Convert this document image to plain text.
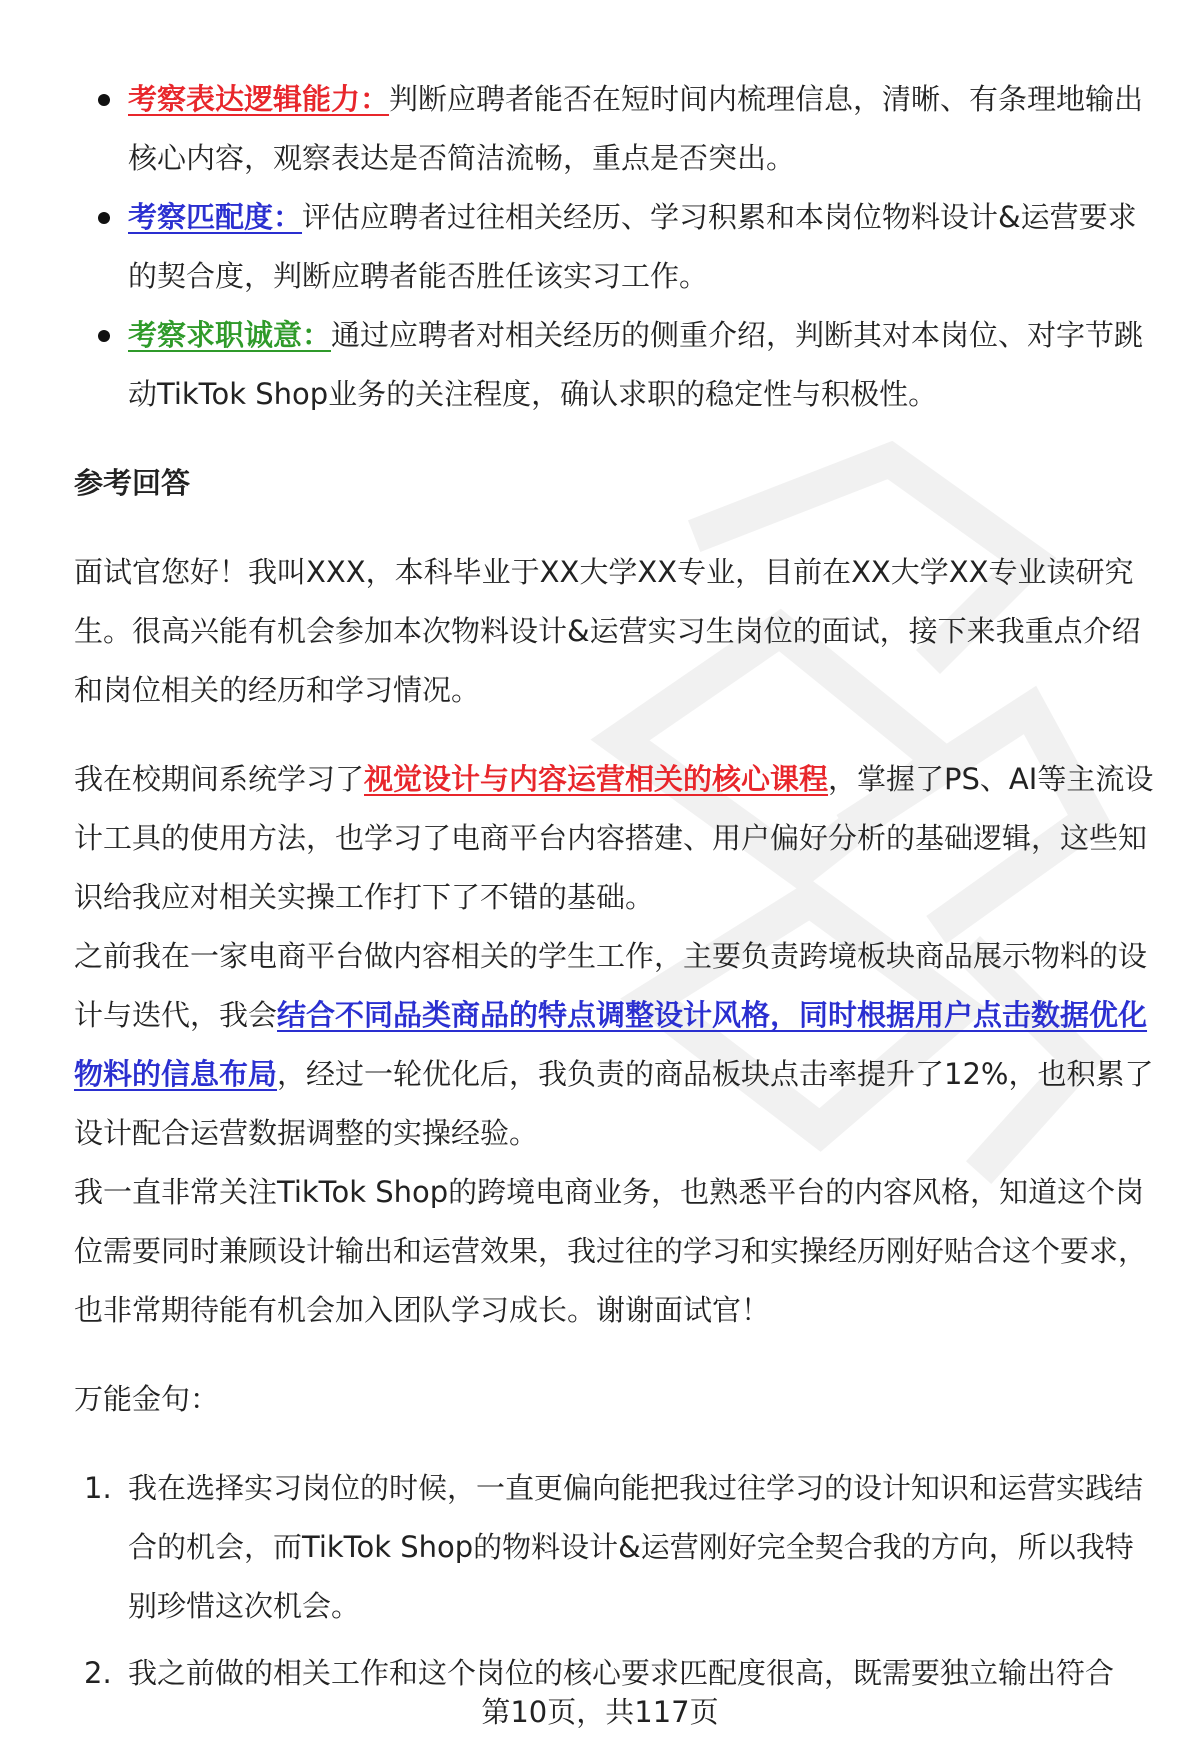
考察表达逻辑能力：判断应聘者能否在短时间内梳理信息，清晰、有条理地输出核心内容，观察表达是否简洁流畅，重点是否突出。
考察匹配度：评估应聘者过往相关经历、学习积累和本岗位物料设计&运营要求的契合度，判断应聘者能否胜任该实习工作。
考察求职诚意：通过应聘者对相关经历的侧重介绍，判断其对本岗位、对字节跳动TikTok Shop业务的关注程度，确认求职的稳定性与积极性。
参考回答

面试官您好！我叫XXX，本科毕业于XX大学XX专业，目前在XX大学XX专业读研究生。很高兴能有机会参加本次物料设计&运营实习生岗位的面试，接下来我重点介绍和岗位相关的经历和学习情况。

我在校期间系统学习了视觉设计与内容运营相关的核心课程，掌握了PS、AI等主流设计工具的使用方法，也学习了电商平台内容搭建、用户偏好分析的基础逻辑，这些知识给我应对相关实操工作打下了不错的基础。

之前我在一家电商平台做内容相关的学生工作，主要负责跨境板块商品展示物料的设计与迭代，我会结合不同品类商品的特点调整设计风格，同时根据用户点击数据优化物料的信息布局，经过一轮优化后，我负责的商品板块点击率提升了12%，也积累了设计配合运营数据调整的实操经验。

我一直非常关注TikTok Shop的跨境电商业务，也熟悉平台的内容风格，知道这个岗位需要同时兼顾设计输出和运营效果，我过往的学习和实操经历刚好贴合这个要求，也非常期待能有机会加入团队学习成长。谢谢面试官！

万能金句：

1. 我在选择实习岗位的时候，一直更偏向能把我过往学习的设计知识和运营实践结合的机会，而TikTok Shop的物料设计&运营刚好完全契合我的方向，所以我特别珍惜这次机会。
2. 我之前做的相关工作和这个岗位的核心要求匹配度很高，既需要独立输出符合
第10页，共117页
